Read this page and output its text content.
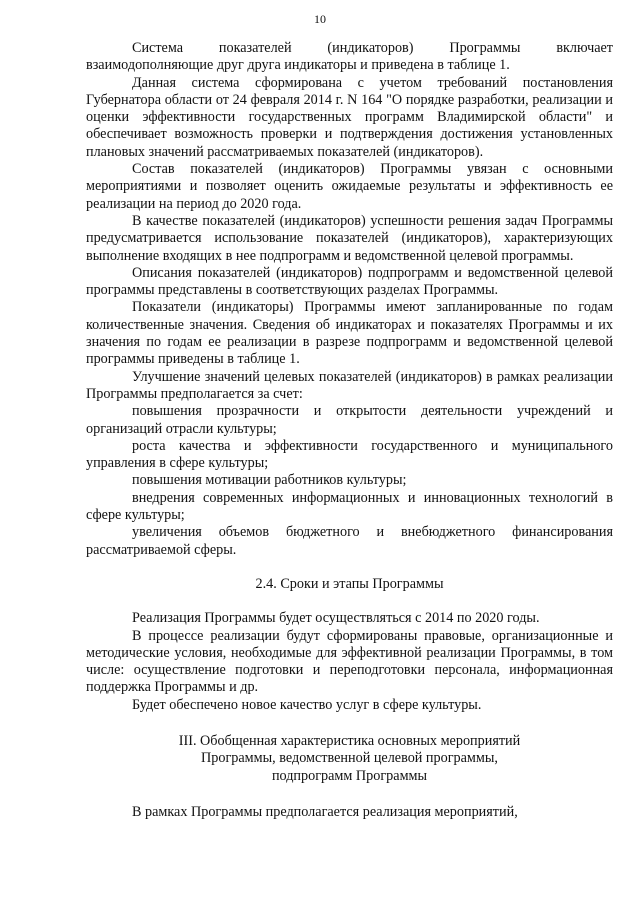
10

Система показателей (индикаторов) Программы включает взаимодополняющие друг друга индикаторы и приведена в таблице 1.

Данная система сформирована с учетом требований постановления Губернатора области от 24 февраля 2014 г. N 164 "О порядке разработки, реализации и оценки эффективности государственных программ Владимирской области" и обеспечивает возможность проверки и подтверждения достижения установленных плановых значений рассматриваемых показателей (индикаторов).

Состав показателей (индикаторов) Программы увязан с основными мероприятиями и позволяет оценить ожидаемые результаты и эффективность ее реализации на период до 2020 года.

В качестве показателей (индикаторов) успешности решения задач Программы предусматривается использование показателей (индикаторов), характеризующих выполнение входящих в нее подпрограмм и ведомственной целевой программы.

Описания показателей (индикаторов) подпрограмм и ведомственной целевой программы представлены в соответствующих разделах Программы.

Показатели (индикаторы) Программы имеют запланированные по годам количественные значения. Сведения об индикаторах и показателях Программы и их значения по годам ее реализации в разрезе подпрограмм и ведомственной целевой программы приведены в таблице 1.

Улучшение значений целевых показателей (индикаторов) в рамках реализации Программы предполагается за счет:

повышения прозрачности и открытости деятельности учреждений и организаций отрасли культуры;

роста качества и эффективности государственного и муниципального управления в сфере культуры;

повышения мотивации работников культуры;

внедрения современных информационных и инновационных технологий в сфере культуры;

увеличения объемов бюджетного и внебюджетного финансирования рассматриваемой сферы.

2.4. Сроки и этапы Программы

Реализация Программы будет осуществляться с 2014 по 2020 годы.

В процессе реализации будут сформированы правовые, организационные и методические условия, необходимые для эффективной реализации Программы, в том числе: осуществление подготовки и переподготовки персонала, информационная поддержка Программы и др.

Будет обеспечено новое качество услуг в сфере культуры.

III. Обобщенная характеристика основных мероприятий
Программы, ведомственной целевой программы,
подпрограмм Программы

В рамках Программы предполагается реализация мероприятий,
